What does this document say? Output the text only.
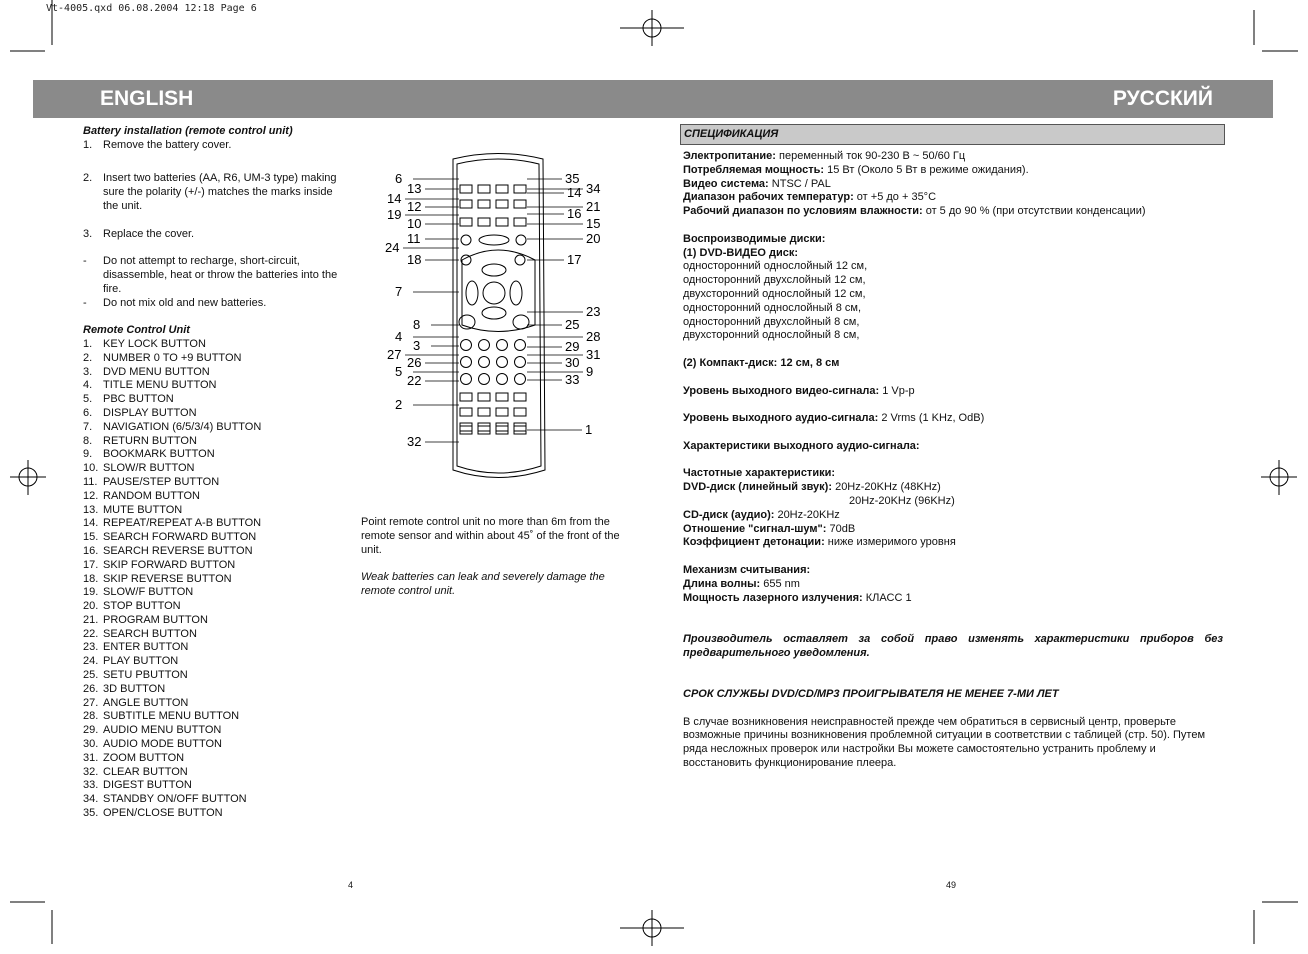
Vt-4005.qxd 06.08.2004 12:18 Page 6
ENGLISH	РУССКИЙ
Battery installation (remote control unit)
1. Remove the battery cover.
2. Insert two batteries (AA, R6, UM-3 type) making sure the polarity (+/-) matches the marks inside the unit.
3. Replace the cover.
-	Do not attempt to recharge, short-circuit, disassemble, heat or throw the batteries into the fire.
-	Do not mix old and new batteries.
Remote Control Unit
1. KEY LOCK BUTTON
2. NUMBER 0 TO +9 BUTTON
3. DVD MENU BUTTON
4. TITLE MENU BUTTON
5. PBC BUTTON
6. DISPLAY BUTTON
7. NAVIGATION (6/5/3/4) BUTTON
8. RETURN BUTTON
9. BOOKMARK BUTTON
10. SLOW/R BUTTON
11. PAUSE/STEP BUTTON
12. RANDOM BUTTON
13. MUTE BUTTON
14. REPEAT/REPEAT A-B BUTTON
15. SEARCH FORWARD BUTTON
16. SEARCH REVERSE BUTTON
17. SKIP FORWARD BUTTON
18. SKIP REVERSE BUTTON
19. SLOW/F BUTTON
20. STOP BUTTON
21. PROGRAM BUTTON
22. SEARCH BUTTON
23. ENTER BUTTON
24. PLAY BUTTON
25. SETU PBUTTON
26. 3D BUTTON
27. ANGLE BUTTON
28. SUBTITLE MENU BUTTON
29. AUDIO MENU BUTTON
30. AUDIO MODE BUTTON
31. ZOOM BUTTON
32. CLEAR BUTTON
33. DIGEST BUTTON
34. STANDBY ON/OFF BUTTON
35. OPEN/CLOSE BUTTON
6
13
14
19
12
10
11
24
18
7
8
4
3
27
26
5
22
2
32
35
34
14
21
16
15
20
17
23
25
28
29
31
30
9
33
1
Point remote control unit no more than 6m from the remote sensor and within about 45˚ of the front of the unit.
Weak batteries can leak and severely damage the remote control unit.
СПЕЦИФИКАЦИЯ
Электропитание: переменный ток 90-230 В ~ 50/60 Гц
Потребляемая мощность: 15 Вт (Около 5 Вт в режиме ожидания).
Видео система: NTSC / PAL
Диапазон рабочих температур: от +5 до + 35°С
Рабочий диапазон по условиям влажности: от 5 до 90 % (при отсутствии конденсации)
Воспроизводимые диски:
(1) DVD-ВИДЕО диск:
односторонний однослойный 12 см,
односторонний двухслойный 12 см,
двухсторонний однослойный 12 см,
односторонний однослойный 8 см,
односторонний двухслойный 8 см,
двухсторонний однослойный 8 см,
(2) Компакт-диск: 12 см, 8 см
Уровень выходного видео-сигнала: 1 Vp-p
Уровень выходного аудио-сигнала: 2 Vrms (1 KHz, OdB)
Характеристики выходного аудио-сигнала:
Частотные характеристики:
DVD-диск (линейный звук): 20Hz-20KHz (48KHz)
20Hz-20KHz (96KHz)
CD-диск (аудио): 20Hz-20KHz
Отношение "сигнал-шум": 70dB
Коэффициент детонации: ниже измеримого уровня
Механизм считывания:
Длина волны: 655 nm
Мощность лазерного излучения: КЛАСС 1
Производитель оставляет за собой право изменять характеристики приборов без предварительного уведомления.
СРОК СЛУЖБЫ DVD/CD/MP3 ПРОИГРЫВАТЕЛЯ НЕ МЕНЕЕ 7-МИ ЛЕТ
В случае возникновения неисправностей прежде чем обратиться в сервисный центр, проверьте возможные причины возникновения проблемной ситуации в соответствии с таблицей (стр. 50). Путем ряда несложных проверок или настройки Вы можете самостоятельно устранить проблему и восстановить функционирование плеера.
4	49
